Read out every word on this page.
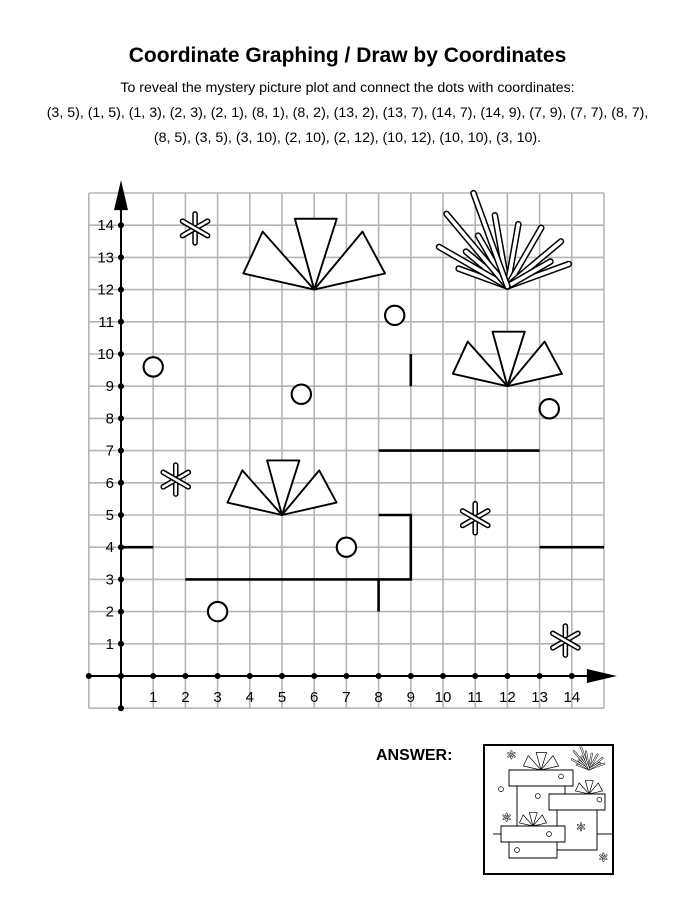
Coordinate Graphing / Draw by Coordinates
To reveal the mystery picture plot and connect the dots with coordinates:
(3, 5), (1, 5), (1, 3), (2, 3), (2, 1), (8, 1), (8, 2), (13, 2), (13, 7), (14, 7), (14, 9), (7, 9), (7, 7), (8, 7), (8, 5), (3, 5), (3, 10), (2, 10), (2, 12), (10, 12), (10, 10), (3, 10).
ANSWER:
1 2 3 4 5 6 7 8 9 10 11 12 13 14
1
2
3
4
5
6
7
8
9
10
11
12
13
14
